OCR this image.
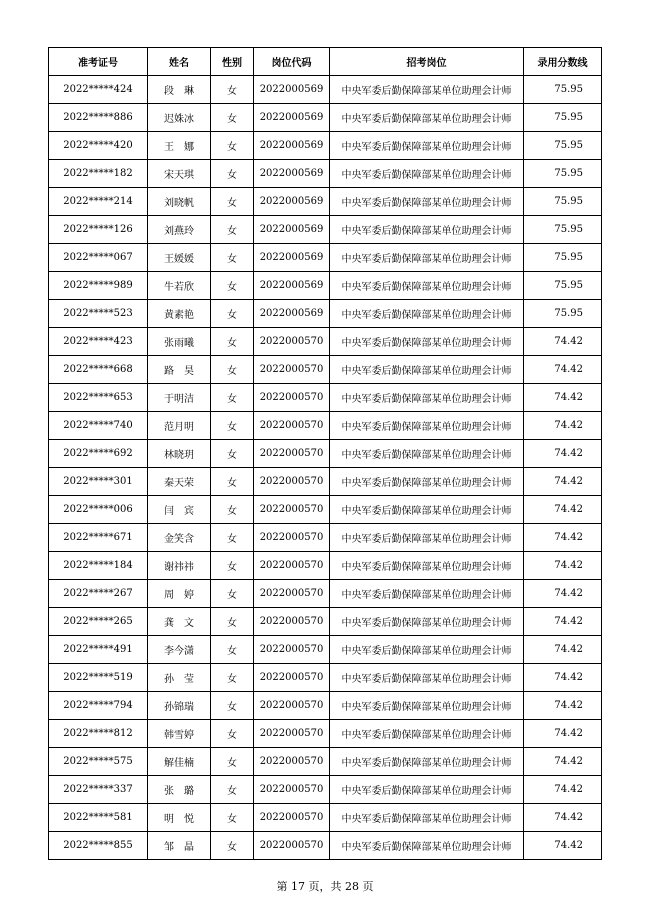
准考证号	姓名	性别	岗位代码	招考岗位	录用分数线
2022*****424	段　琳	女	2022000569	中央军委后勤保障部某单位助理会计师	75.95
2022*****886	迟姝冰	女	2022000569	中央军委后勤保障部某单位助理会计师	75.95
2022*****420	王　娜	女	2022000569	中央军委后勤保障部某单位助理会计师	75.95
2022*****182	宋天琪	女	2022000569	中央军委后勤保障部某单位助理会计师	75.95
2022*****214	刘晓帆	女	2022000569	中央军委后勤保障部某单位助理会计师	75.95
2022*****126	刘燕玲	女	2022000569	中央军委后勤保障部某单位助理会计师	75.95
2022*****067	王媛媛	女	2022000569	中央军委后勤保障部某单位助理会计师	75.95
2022*****989	牛若欣	女	2022000569	中央军委后勤保障部某单位助理会计师	75.95
2022*****523	黄素艳	女	2022000569	中央军委后勤保障部某单位助理会计师	75.95
2022*****423	张雨曦	女	2022000570	中央军委后勤保障部某单位助理会计师	74.42
2022*****668	路　昊	女	2022000570	中央军委后勤保障部某单位助理会计师	74.42
2022*****653	于明洁	女	2022000570	中央军委后勤保障部某单位助理会计师	74.42
2022*****740	范月明	女	2022000570	中央军委后勤保障部某单位助理会计师	74.42
2022*****692	林晓玥	女	2022000570	中央军委后勤保障部某单位助理会计师	74.42
2022*****301	秦天荣	女	2022000570	中央军委后勤保障部某单位助理会计师	74.42
2022*****006	闫　宾	女	2022000570	中央军委后勤保障部某单位助理会计师	74.42
2022*****671	金笑含	女	2022000570	中央军委后勤保障部某单位助理会计师	74.42
2022*****184	谢祎祎	女	2022000570	中央军委后勤保障部某单位助理会计师	74.42
2022*****267	周　婷	女	2022000570	中央军委后勤保障部某单位助理会计师	74.42
2022*****265	龚　文	女	2022000570	中央军委后勤保障部某单位助理会计师	74.42
2022*****491	李今潇	女	2022000570	中央军委后勤保障部某单位助理会计师	74.42
2022*****519	孙　莹	女	2022000570	中央军委后勤保障部某单位助理会计师	74.42
2022*****794	孙锦瑞	女	2022000570	中央军委后勤保障部某单位助理会计师	74.42
2022*****812	韩雪婷	女	2022000570	中央军委后勤保障部某单位助理会计师	74.42
2022*****575	解佳楠	女	2022000570	中央军委后勤保障部某单位助理会计师	74.42
2022*****337	张　璐	女	2022000570	中央军委后勤保障部某单位助理会计师	74.42
2022*****581	明　悦	女	2022000570	中央军委后勤保障部某单位助理会计师	74.42
2022*****855	邹　晶	女	2022000570	中央军委后勤保障部某单位助理会计师	74.42
第 17 页，共 28 页
